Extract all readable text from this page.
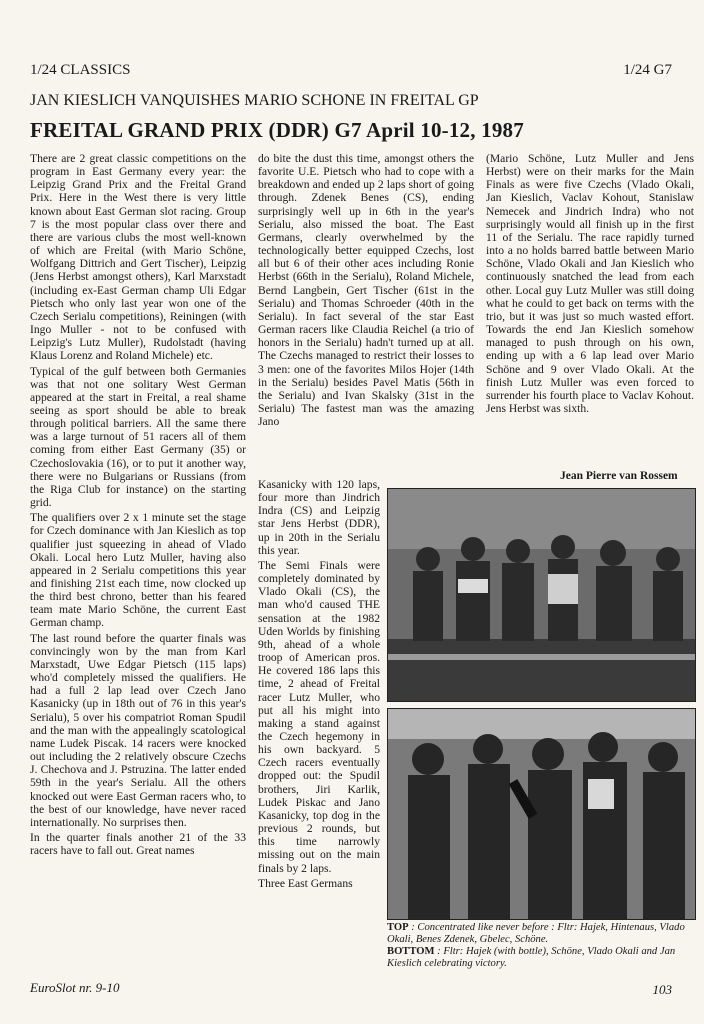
1/24 CLASSICS	1/24 G7
JAN KIESLICH VANQUISHES MARIO SCHONE IN FREITAL GP
FREITAL GRAND PRIX (DDR) G7 April 10-12, 1987

There are 2 great classic competitions on the program in East Germany every year: the Leipzig Grand Prix and the Freital Grand Prix. Here in the West there is very little known about East German slot racing. Group 7 is the most popular class over there and there are various clubs the most well-known of which are Freital (with Mario Schöne, Wolfgang Dittrich and Gert Tischer), Leipzig (Jens Herbst amongst others), Karl Marxstadt (including ex-East German champ Uli Edgar Pietsch who only last year won one of the Czech Serialu competitions), Reiningen (with Ingo Muller - not to be confused with Leipzig's Lutz Muller), Rudolstadt (having Klaus Lorenz and Roland Michele) etc.

Typical of the gulf between both Germanies was that not one solitary West German appeared at the start in Freital, a real shame seeing as sport should be able to break through political barriers. All the same there was a large turnout of 51 racers all of them coming from either East Germany (35) or Czechoslovakia (16), or to put it another way, there were no Bulgarians or Russians (from the Riga Club for instance) on the starting grid.

The qualifiers over 2 x 1 minute set the stage for Czech dominance with Jan Kieslich as top qualifier just squeezing in ahead of Vlado Okali. Local hero Lutz Muller, having also appeared in 2 Serialu competitions this year and finishing 21st each time, now clocked up the third best chrono, better than his feared team mate Mario Schöne, the current East German champ.

The last round before the quarter finals was convincingly won by the man from Karl Marxstadt, Uwe Edgar Pietsch (115 laps) who'd completely missed the qualifiers. He had a full 2 lap lead over Czech Jano Kasanicky (up in 18th out of 76 in this year's Serialu), 5 over his compatriot Roman Spudil and the man with the appealingly scatological name Ludek Piscak. 14 racers were knocked out including the 2 relatively obscure Czechs J. Chechova and J. Pstruzina. The latter ended 59th in the year's Serialu. All the others knocked out were East German racers who, to the best of our knowledge, have never raced internationally. No surprises then.

In the quarter finals another 21 of the 33 racers have to fall out. Great names

do bite the dust this time, amongst others the favorite U.E. Pietsch who had to cope with a breakdown and ended up 2 laps short of going through. Zdenek Benes (CS), ending surprisingly well up in 6th in the year's Serialu, also missed the boat. The East Germans, clearly overwhelmed by the technologically better equipped Czechs, lost all but 6 of their other aces including Ronie Herbst (66th in the Serialu), Roland Michele, Bernd Langbein, Gert Tischer (61st in the Serialu) and Thomas Schroeder (40th in the Serialu). In fact several of the star East German racers like Claudia Reichel (a trio of honors in the Serialu) hadn't turned up at all. The Czechs managed to restrict their losses to 3 men: one of the favorites Milos Hojer (14th in the Serialu) besides Pavel Matis (56th in the Serialu) and Ivan Skalsky (31st in the Serialu) The fastest man was the amazing Jano

Kasanicky with 120 laps, four more than Jindrich Indra (CS) and Leipzig star Jens Herbst (DDR), up in 20th in the Serialu this year.

The Semi Finals were completely dominated by Vlado Okali (CS), the man who'd caused THE sensation at the 1982 Uden Worlds by finishing 9th, ahead of a whole troop of American pros. He covered 186 laps this time, 2 ahead of Freital racer Lutz Muller, who put all his might into making a stand against the Czech hegemony in his own backyard. 5 Czech racers eventually dropped out: the Spudil brothers, Jiri Karlik, Ludek Piskac and Jano Kasanicky, top dog in the previous 2 rounds, but this time narrowly missing out on the main finals by 2 laps.

Three East Germans

(Mario Schöne, Lutz Muller and Jens Herbst) were on their marks for the Main Finals as were five Czechs (Vlado Okali, Jan Kieslich, Vaclav Kohout, Stanislaw Nemecek and Jindrich Indra) who not surprisingly would all finish up in the first 11 of the Serialu. The race rapidly turned into a no holds barred battle between Mario Schöne, Vlado Okali and Jan Kieslich who continuously snatched the lead from each other. Local guy Lutz Muller was still doing what he could to get back on terms with the trio, but it was just so much wasted effort. Towards the end Jan Kieslich somehow managed to push through on his own, ending up with a 6 lap lead over Mario Schöne and 9 over Vlado Okali. At the finish Lutz Muller was even forced to surrender his fourth place to Vaclav Kohout. Jens Herbst was sixth.

Jean Pierre van Rossem
TOP : Concentrated like never before : Fltr: Hajek, Hintenaus, Vlado Okali, Benes Zdenek, Gbelec, Schöne.
BOTTOM : Fltr: Hajek (with bottle), Schöne, Vlado Okali and Jan Kieslich celebrating victory.
EuroSlot nr. 9-10	103
